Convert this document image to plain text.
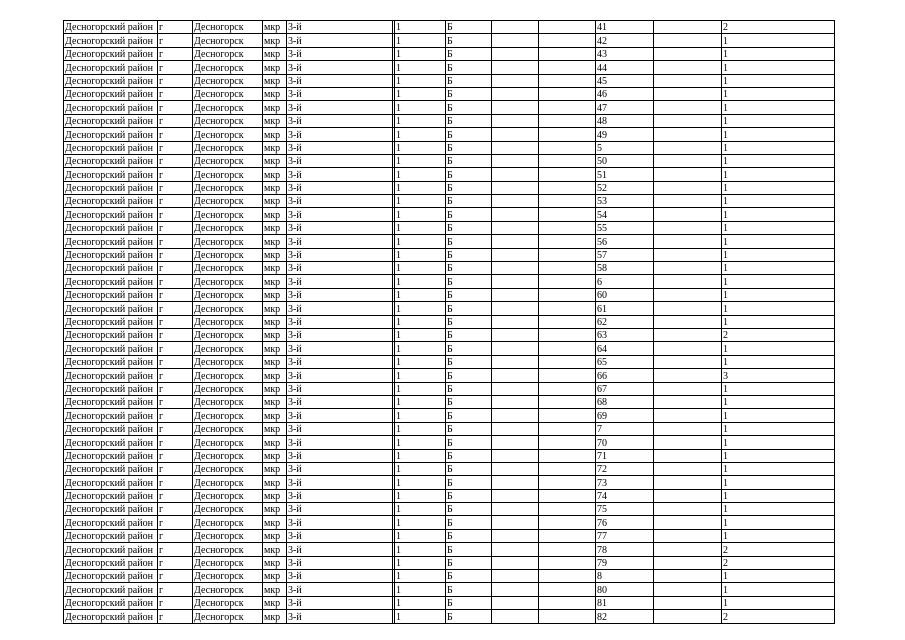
Десногорский район	г	Десногорск	мкр	3-й		1	Б			41		2
Десногорский район	г	Десногорск	мкр	3-й		1	Б			42		1
Десногорский район	г	Десногорск	мкр	3-й		1	Б			43		1
Десногорский район	г	Десногорск	мкр	3-й		1	Б			44		1
Десногорский район	г	Десногорск	мкр	3-й		1	Б			45		1
Десногорский район	г	Десногорск	мкр	3-й		1	Б			46		1
Десногорский район	г	Десногорск	мкр	3-й		1	Б			47		1
Десногорский район	г	Десногорск	мкр	3-й		1	Б			48		1
Десногорский район	г	Десногорск	мкр	3-й		1	Б			49		1
Десногорский район	г	Десногорск	мкр	3-й		1	Б			5		1
Десногорский район	г	Десногорск	мкр	3-й		1	Б			50		1
Десногорский район	г	Десногорск	мкр	3-й		1	Б			51		1
Десногорский район	г	Десногорск	мкр	3-й		1	Б			52		1
Десногорский район	г	Десногорск	мкр	3-й		1	Б			53		1
Десногорский район	г	Десногорск	мкр	3-й		1	Б			54		1
Десногорский район	г	Десногорск	мкр	3-й		1	Б			55		1
Десногорский район	г	Десногорск	мкр	3-й		1	Б			56		1
Десногорский район	г	Десногорск	мкр	3-й		1	Б			57		1
Десногорский район	г	Десногорск	мкр	3-й		1	Б			58		1
Десногорский район	г	Десногорск	мкр	3-й		1	Б			6		1
Десногорский район	г	Десногорск	мкр	3-й		1	Б			60		1
Десногорский район	г	Десногорск	мкр	3-й		1	Б			61		1
Десногорский район	г	Десногорск	мкр	3-й		1	Б			62		1
Десногорский район	г	Десногорск	мкр	3-й		1	Б			63		2
Десногорский район	г	Десногорск	мкр	3-й		1	Б			64		1
Десногорский район	г	Десногорск	мкр	3-й		1	Б			65		1
Десногорский район	г	Десногорск	мкр	3-й		1	Б			66		3
Десногорский район	г	Десногорск	мкр	3-й		1	Б			67		1
Десногорский район	г	Десногорск	мкр	3-й		1	Б			68		1
Десногорский район	г	Десногорск	мкр	3-й		1	Б			69		1
Десногорский район	г	Десногорск	мкр	3-й		1	Б			7		1
Десногорский район	г	Десногорск	мкр	3-й		1	Б			70		1
Десногорский район	г	Десногорск	мкр	3-й		1	Б			71		1
Десногорский район	г	Десногорск	мкр	3-й		1	Б			72		1
Десногорский район	г	Десногорск	мкр	3-й		1	Б			73		1
Десногорский район	г	Десногорск	мкр	3-й		1	Б			74		1
Десногорский район	г	Десногорск	мкр	3-й		1	Б			75		1
Десногорский район	г	Десногорск	мкр	3-й		1	Б			76		1
Десногорский район	г	Десногорск	мкр	3-й		1	Б			77		1
Десногорский район	г	Десногорск	мкр	3-й		1	Б			78		2
Десногорский район	г	Десногорск	мкр	3-й		1	Б			79		2
Десногорский район	г	Десногорск	мкр	3-й		1	Б			8		1
Десногорский район	г	Десногорск	мкр	3-й		1	Б			80		1
Десногорский район	г	Десногорск	мкр	3-й		1	Б			81		1
Десногорский район	г	Десногорск	мкр	3-й		1	Б			82		2
